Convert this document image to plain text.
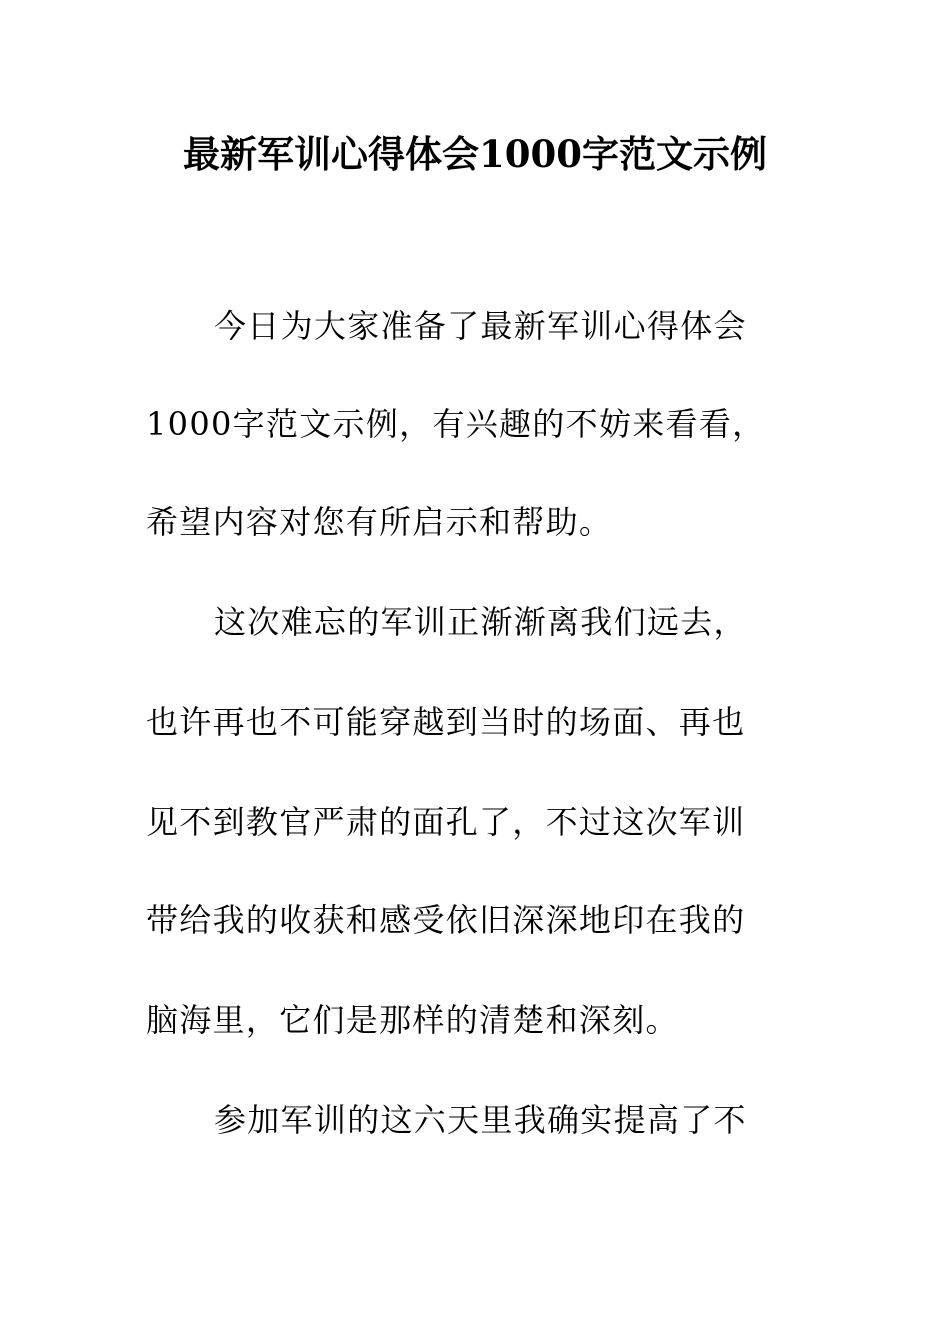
最新军训心得体会1000字范文示例
今日为大家准备了最新军训心得体会
1000字范文示例，有兴趣的不妨来看看，
希望内容对您有所启示和帮助。
这次难忘的军训正渐渐离我们远去，
也许再也不可能穿越到当时的场面、再也
见不到教官严肃的面孔了，不过这次军训
带给我的收获和感受依旧深深地印在我的
脑海里，它们是那样的清楚和深刻。
参加军训的这六天里我确实提高了不
